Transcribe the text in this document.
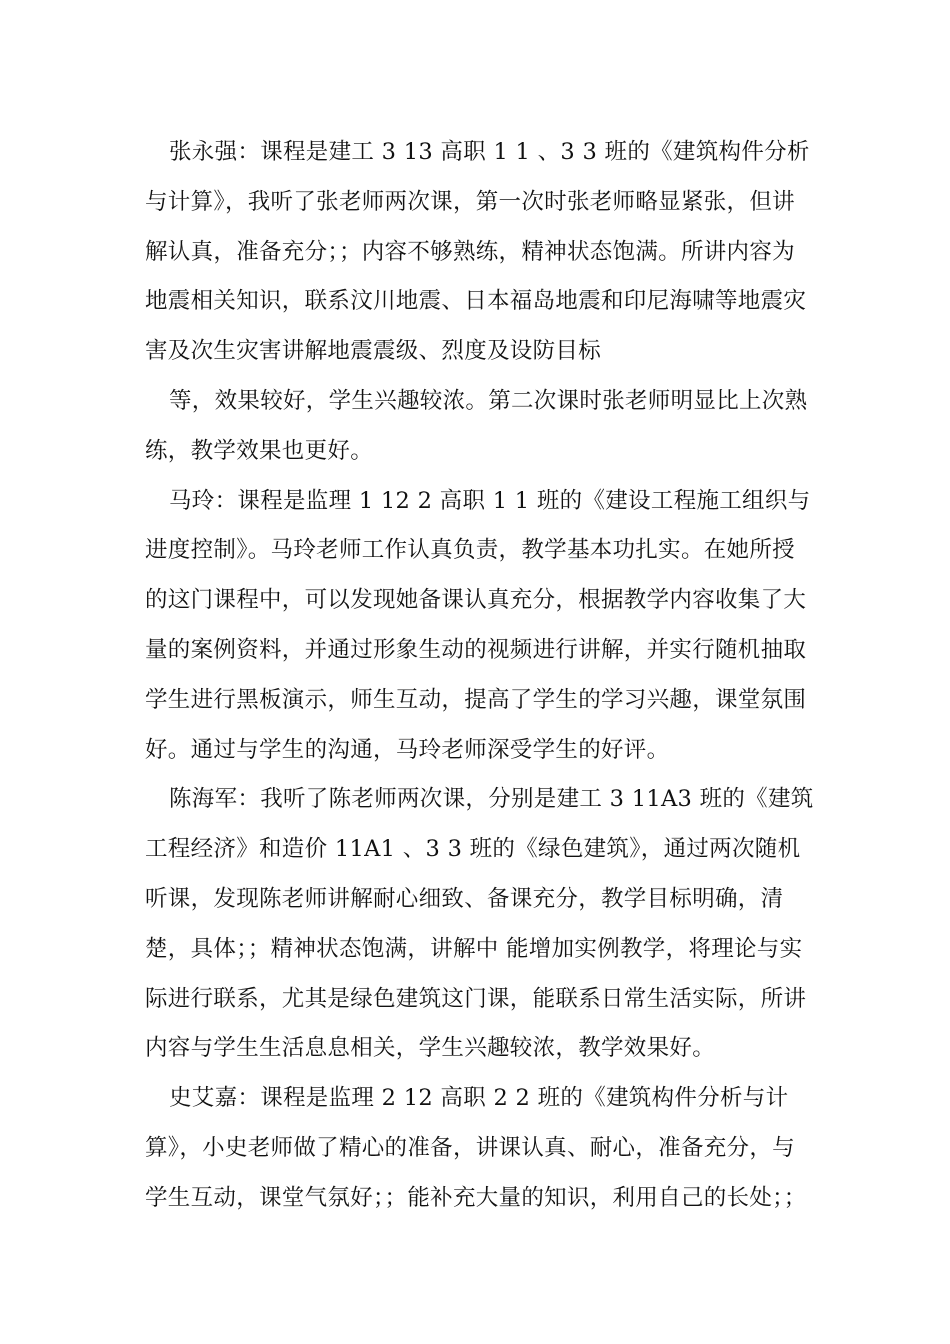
张永强：课程是建工 3 13 高职 1 1 、3 3 班的《建筑构件分析与计算》，我听了张老师两次课，第一次时张老师略显紧张，但讲解认真，准备充分；；内容不够熟练，精神状态饱满。所讲内容为地震相关知识，联系汶川地震、日本福岛地震和印尼海啸等地震灾害及次生灾害讲解地震震级、烈度及设防目标

等，效果较好，学生兴趣较浓。第二次课时张老师明显比上次熟练，教学效果也更好。

马玲：课程是监理 1 12 2 高职 1 1 班的《建设工程施工组织与进度控制》。马玲老师工作认真负责，教学基本功扎实。在她所授的这门课程中，可以发现她备课认真充分，根据教学内容收集了大量的案例资料，并通过形象生动的视频进行讲解，并实行随机抽取学生进行黑板演示，师生互动，提高了学生的学习兴趣，课堂氛围好。通过与学生的沟通，马玲老师深受学生的好评。

陈海军：我听了陈老师两次课，分别是建工 3 11A3 班的《建筑工程经济》和造价 11A1 、3 3 班的《绿色建筑》，通过两次随机听课，发现陈老师讲解耐心细致、备课充分，教学目标明确，清楚，具体；；精神状态饱满，讲解中 能增加实例教学，将理论与实际进行联系，尤其是绿色建筑这门课，能联系日常生活实际，所讲内容与学生生活息息相关，学生兴趣较浓，教学效果好。

史艾嘉：课程是监理 2 12 高职 2 2 班的《建筑构件分析与计算》，小史老师做了精心的准备，讲课认真、耐心，准备充分，与学生互动，课堂气氛好；；能补充大量的知识，利用自己的长处；；
